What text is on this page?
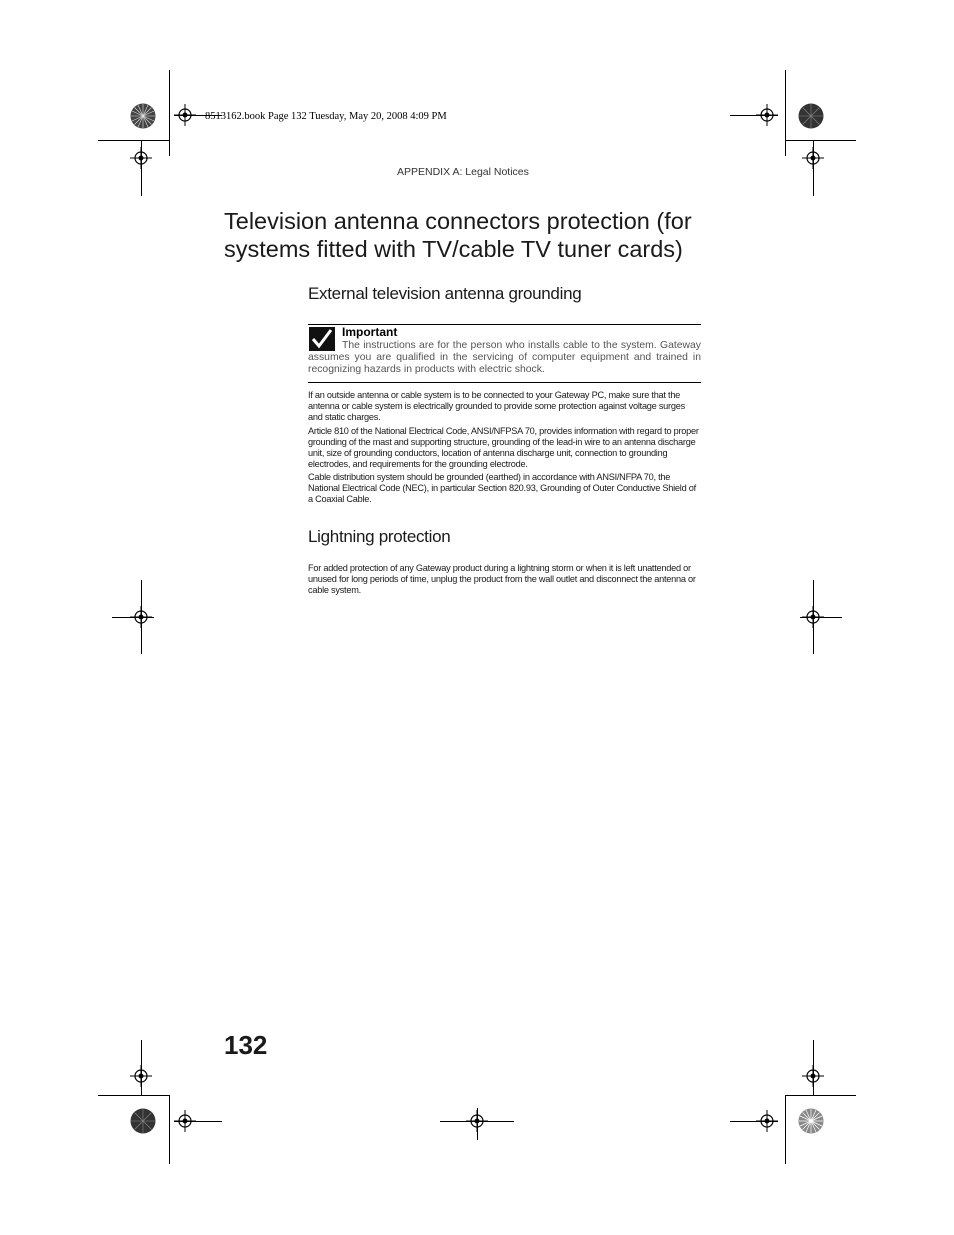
8513162.book Page 132 Tuesday, May 20, 2008 4:09 PM
APPENDIX A: Legal Notices
Television antenna connectors protection (for systems fitted with TV/cable TV tuner cards)
External television antenna grounding
Important
The instructions are for the person who installs cable to the system. Gateway assumes you are qualified in the servicing of computer equipment and trained in recognizing hazards in products with electric shock.

If an outside antenna or cable system is to be connected to your Gateway PC, make sure that the antenna or cable system is electrically grounded to provide some protection against voltage surges and static charges.

Article 810 of the National Electrical Code, ANSI/NFPSA 70, provides information with regard to proper grounding of the mast and supporting structure, grounding of the lead-in wire to an antenna discharge unit, size of grounding conductors, location of antenna discharge unit, connection to grounding electrodes, and requirements for the grounding electrode.

Cable distribution system should be grounded (earthed) in accordance with ANSI/NFPA 70, the National Electrical Code (NEC), in particular Section 820.93, Grounding of Outer Conductive Shield of a Coaxial Cable.

Lightning protection

For added protection of any Gateway product during a lightning storm or when it is left unattended or unused for long periods of time, unplug the product from the wall outlet and disconnect the antenna or cable system.

132
